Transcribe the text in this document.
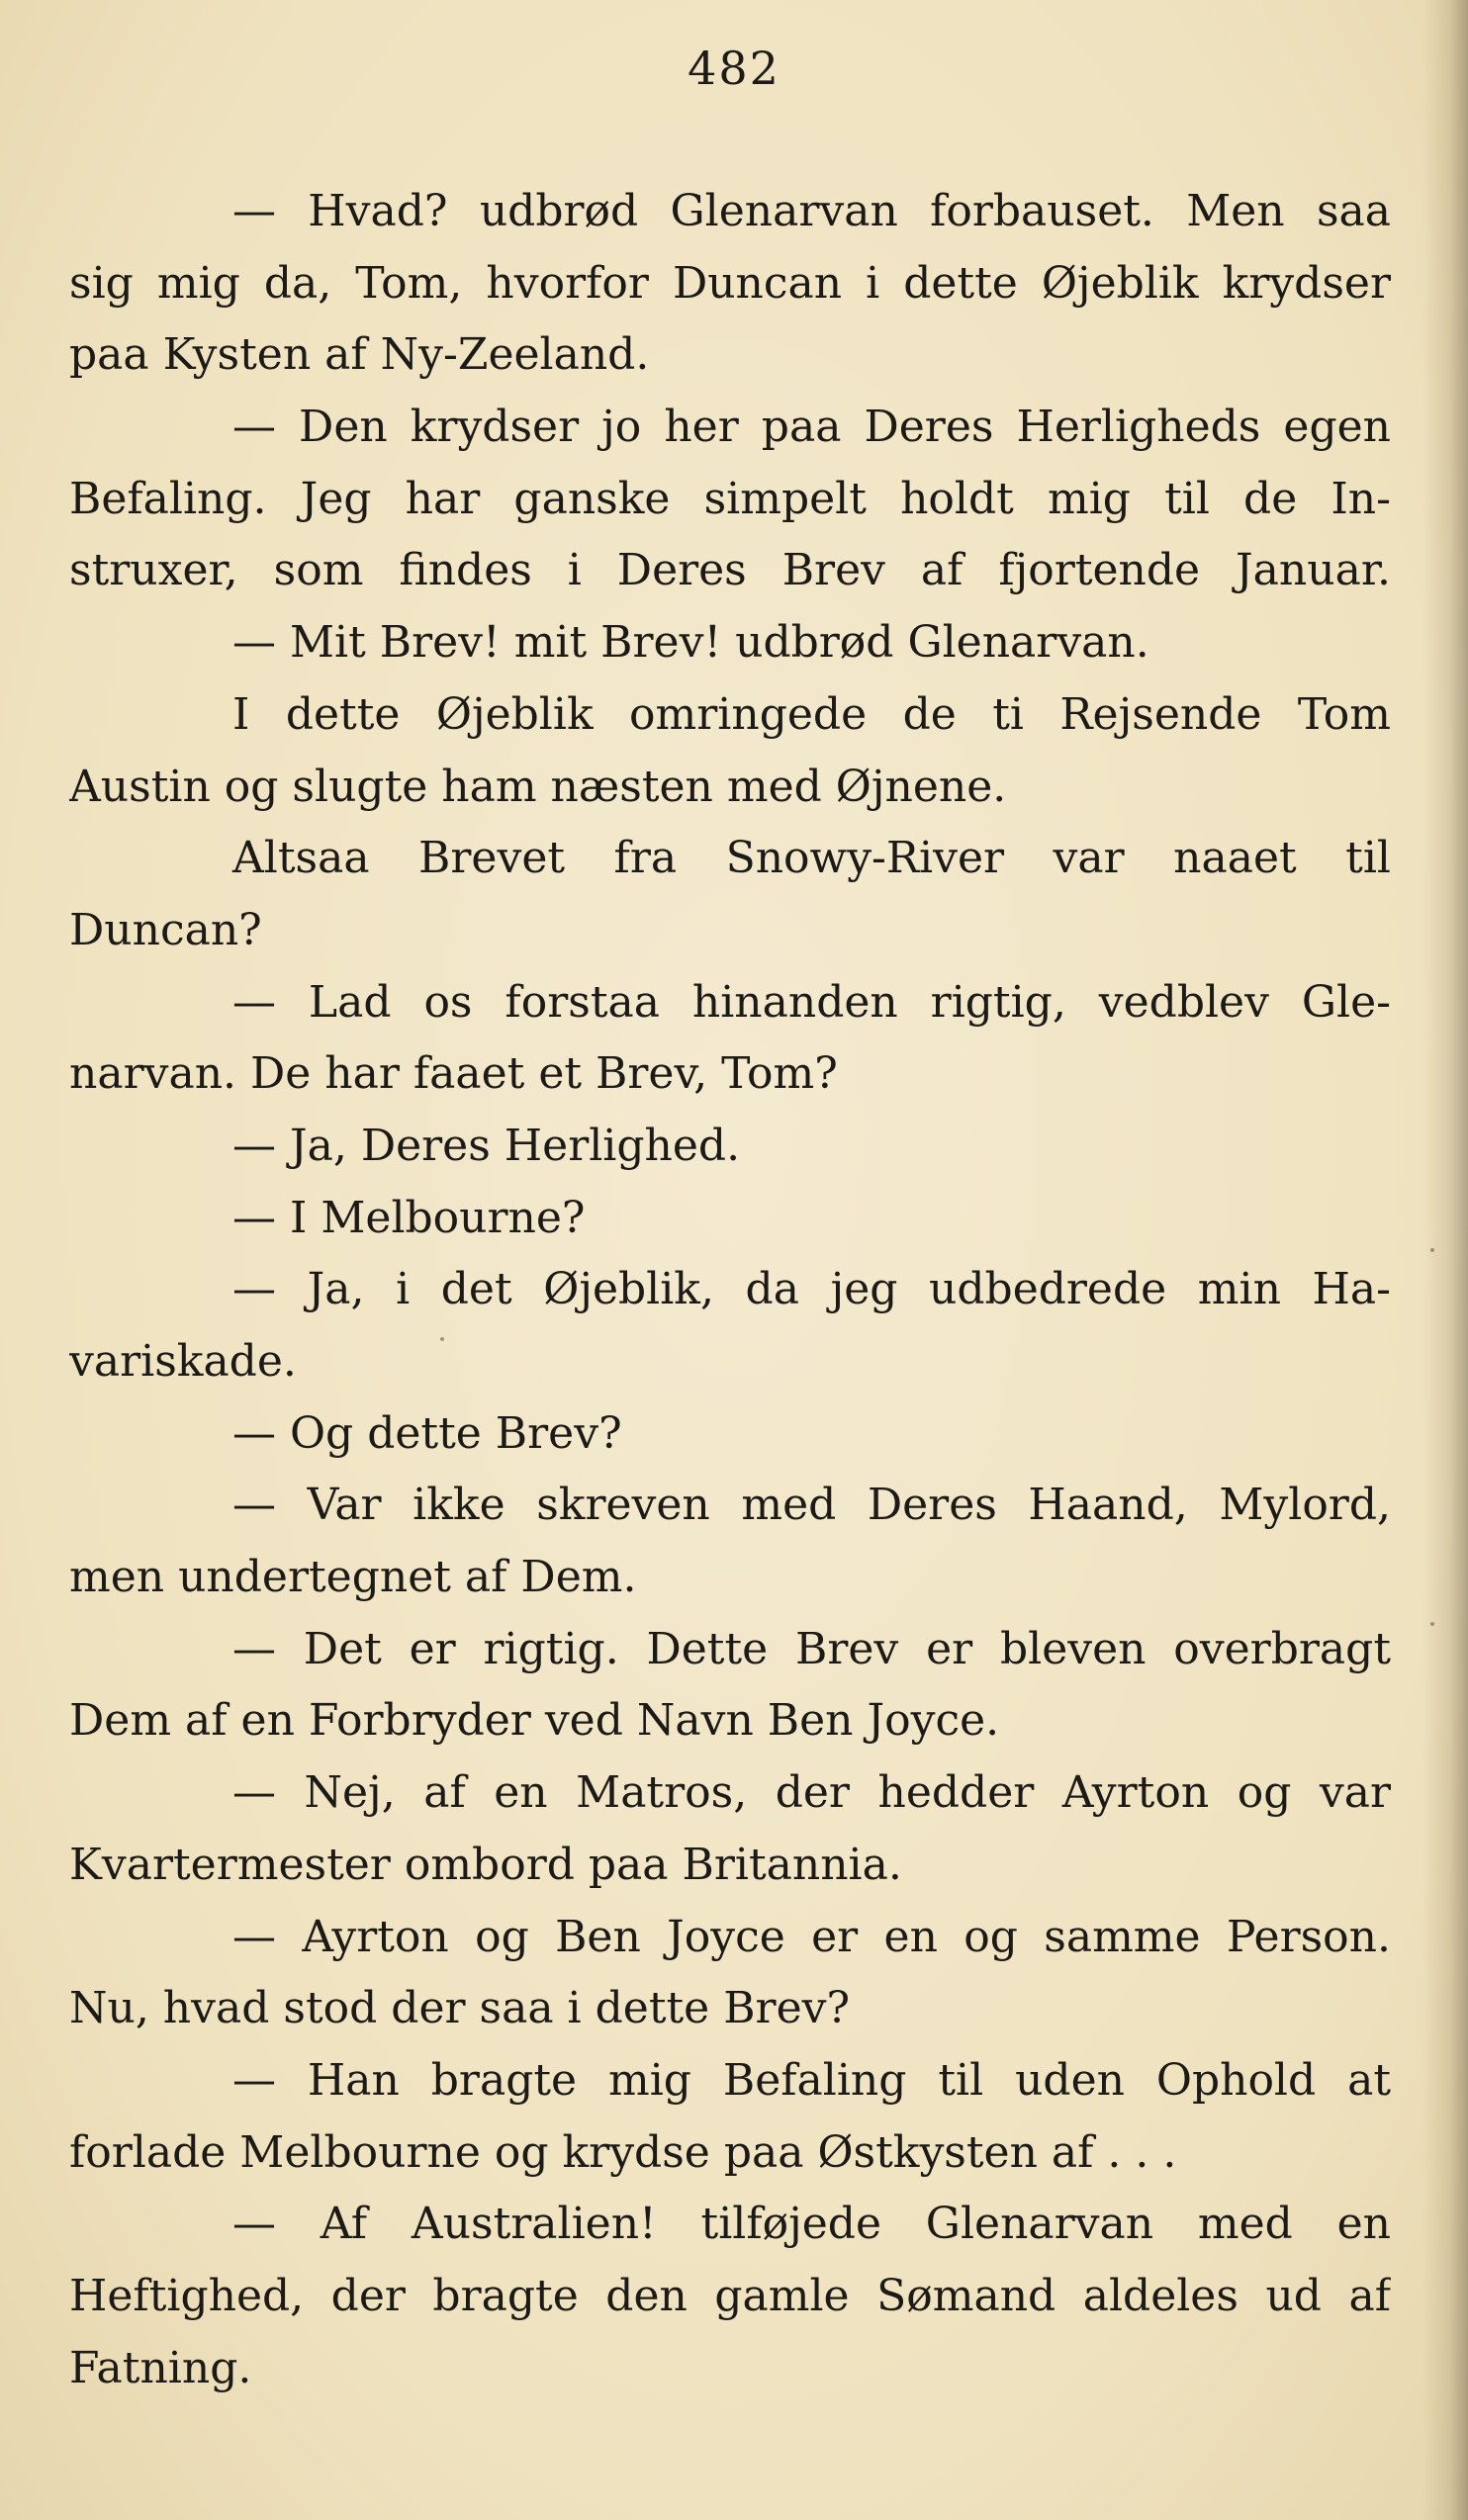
482
— Hvad? udbrød Glenarvan forbauset. Men saa
sig mig da, Tom, hvorfor Duncan i dette Øjeblik krydser
paa Kysten af Ny-Zeeland.
— Den krydser jo her paa Deres Herligheds egen
Befaling. Jeg har ganske simpelt holdt mig til de In-
struxer, som findes i Deres Brev af fjortende Januar.
— Mit Brev! mit Brev! udbrød Glenarvan.
I dette Øjeblik omringede de ti Rejsende Tom
Austin og slugte ham næsten med Øjnene.
Altsaa Brevet fra Snowy-River var naaet til
Duncan?
— Lad os forstaa hinanden rigtig, vedblev Gle-
narvan. De har faaet et Brev, Tom?
— Ja, Deres Herlighed.
— I Melbourne?
— Ja, i det Øjeblik, da jeg udbedrede min Ha-
variskade.
— Og dette Brev?
— Var ikke skreven med Deres Haand, Mylord,
men undertegnet af Dem.
— Det er rigtig. Dette Brev er bleven overbragt
Dem af en Forbryder ved Navn Ben Joyce.
— Nej, af en Matros, der hedder Ayrton og var
Kvartermester ombord paa Britannia.
— Ayrton og Ben Joyce er en og samme Person.
Nu, hvad stod der saa i dette Brev?
— Han bragte mig Befaling til uden Ophold at
forlade Melbourne og krydse paa Østkysten af . . .
— Af Australien! tilføjede Glenarvan med en
Heftighed, der bragte den gamle Sømand aldeles ud af
Fatning.
